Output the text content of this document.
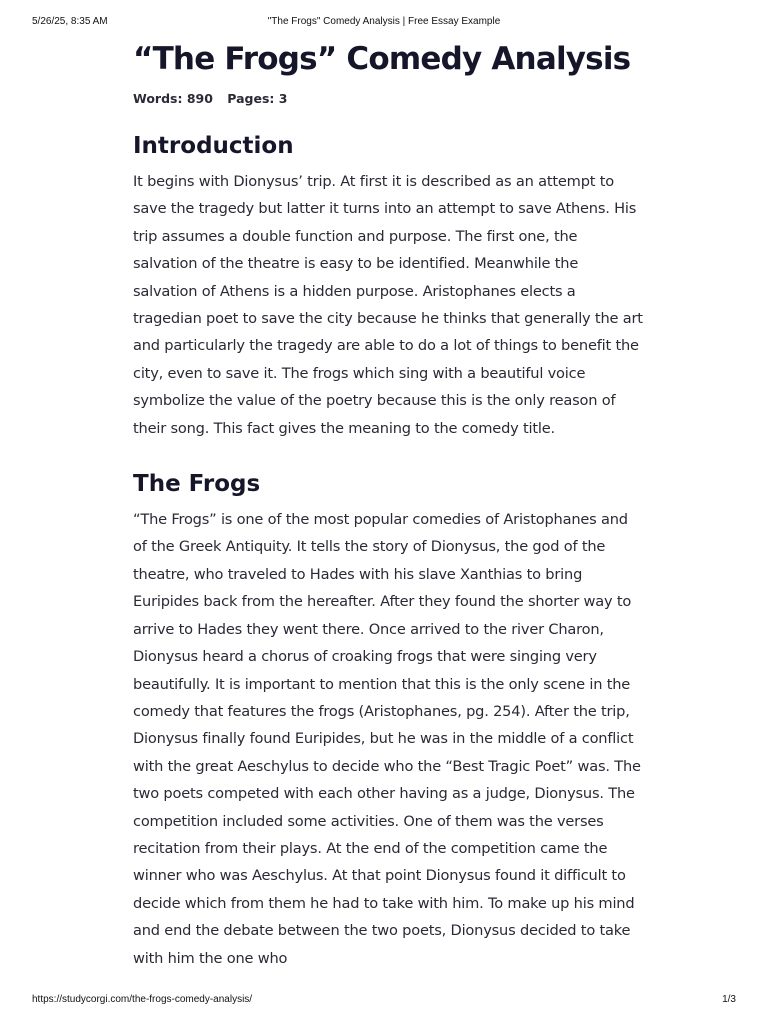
5/26/25, 8:35 AM	"The Frogs" Comedy Analysis | Free Essay Example
“The Frogs” Comedy Analysis
Words: 890 Pages: 3
Introduction

It begins with Dionysus’ trip. At first it is described as an attempt to save the tragedy but latter it turns into an attempt to save Athens. His trip assumes a double function and purpose. The first one, the salvation of the theatre is easy to be identified. Meanwhile the salvation of Athens is a hidden purpose. Aristophanes elects a tragedian poet to save the city because he thinks that generally the art and particularly the tragedy are able to do a lot of things to benefit the city, even to save it. The frogs which sing with a beautiful voice symbolize the value of the poetry because this is the only reason of their song. This fact gives the meaning to the comedy title.

The Frogs

“The Frogs” is one of the most popular comedies of Aristophanes and of the Greek Antiquity. It tells the story of Dionysus, the god of the theatre, who traveled to Hades with his slave Xanthias to bring Euripides back from the hereafter. After they found the shorter way to arrive to Hades they went there. Once arrived to the river Charon, Dionysus heard a chorus of croaking frogs that were singing very beautifully. It is important to mention that this is the only scene in the comedy that features the frogs (Aristophanes, pg. 254). After the trip, Dionysus finally found Euripides, but he was in the middle of a conflict with the great Aeschylus to decide who the “Best Tragic Poet” was. The two poets competed with each other having as a judge, Dionysus. The competition included some activities. One of them was the verses recitation from their plays. At the end of the competition came the winner who was Aeschylus. At that point Dionysus found it difficult to decide which from them he had to take with him. To make up his mind and end the debate between the two poets, Dionysus decided to take with him the one who

https://studycorgi.com/the-frogs-comedy-analysis/	1/3
